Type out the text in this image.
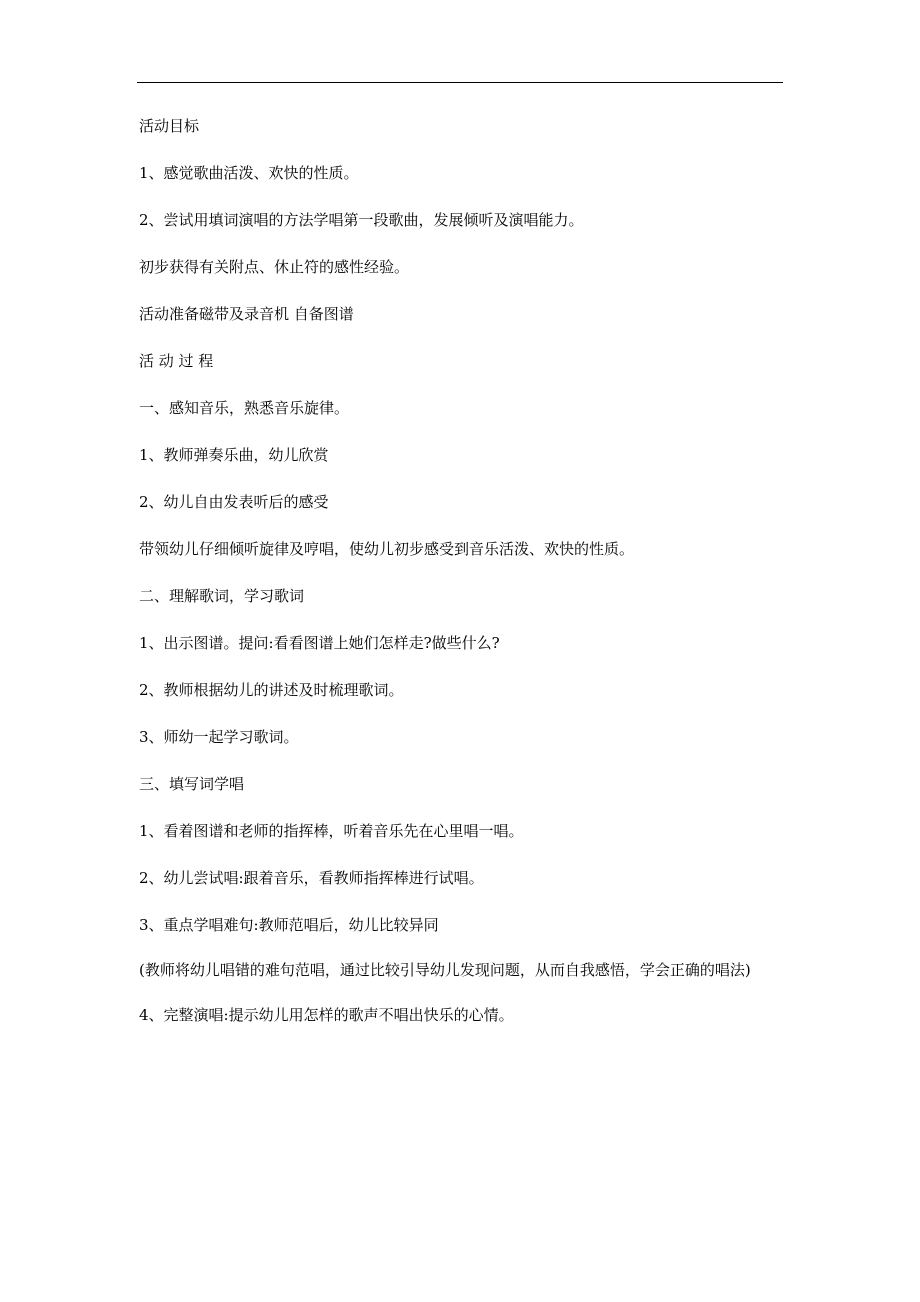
活动目标

1、感觉歌曲活泼、欢快的性质。

2、尝试用填词演唱的方法学唱第一段歌曲，发展倾听及演唱能力。

初步获得有关附点、休止符的感性经验。

活动准备磁带及录音机 自备图谱

活 动 过 程

一、感知音乐，熟悉音乐旋律。

1、教师弹奏乐曲，幼儿欣赏

2、幼儿自由发表听后的感受

带领幼儿仔细倾听旋律及哼唱，使幼儿初步感受到音乐活泼、欢快的性质。

二、理解歌词，学习歌词

1、出示图谱。提问:看看图谱上她们怎样走?做些什么?

2、教师根据幼儿的讲述及时梳理歌词。

3、师幼一起学习歌词。

三、填写词学唱

1、看着图谱和老师的指挥棒，听着音乐先在心里唱一唱。

2、幼儿尝试唱:跟着音乐，看教师指挥棒进行试唱。

3、重点学唱难句:教师范唱后，幼儿比较异同

(教师将幼儿唱错的难句范唱，通过比较引导幼儿发现问题，从而自我感悟，学会正确的唱法)

4、完整演唱:提示幼儿用怎样的歌声不唱出快乐的心情。
